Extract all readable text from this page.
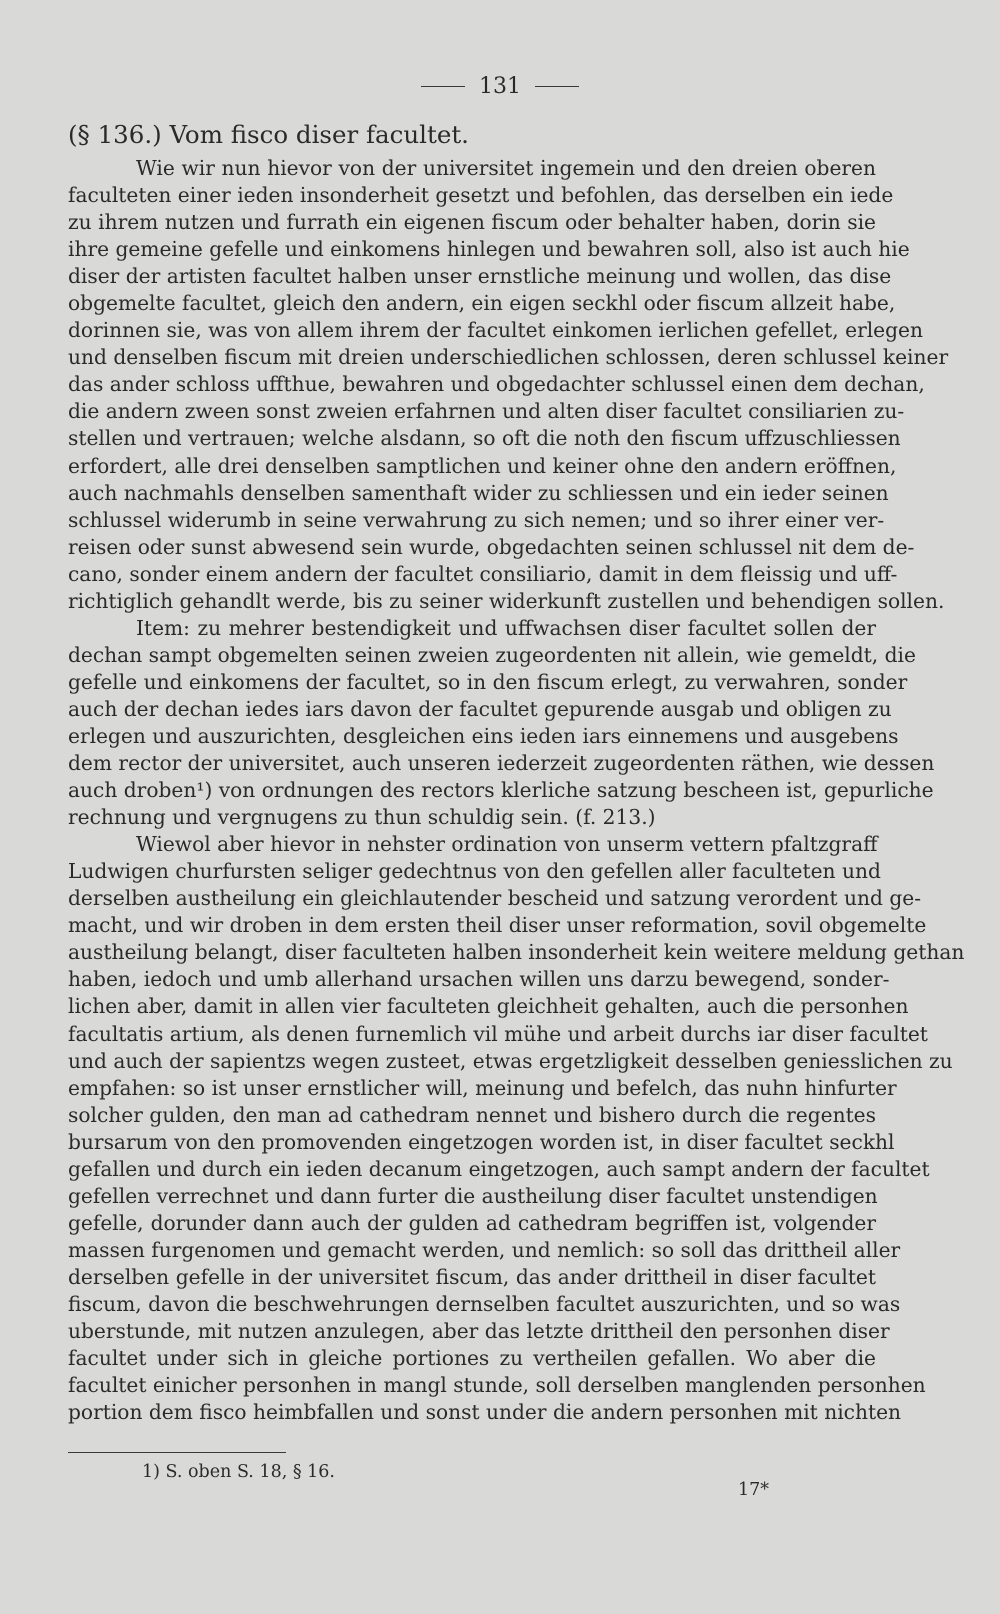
131
(§ 136.) Vom fisco diser facultet.
Wie wir nun hievor von der universitet ingemein und den dreien oberen
faculteten einer ieden insonderheit gesetzt und befohlen, das derselben ein iede
zu ihrem nutzen und furrath ein eigenen fiscum oder behalter haben, dorin sie
ihre gemeine gefelle und einkomens hinlegen und bewahren soll, also ist auch hie
diser der artisten facultet halben unser ernstliche meinung und wollen, das dise
obgemelte facultet, gleich den andern, ein eigen seckhl oder fiscum allzeit habe,
dorinnen sie, was von allem ihrem der facultet einkomen ierlichen gefellet, erlegen
und denselben fiscum mit dreien underschiedlichen schlossen, deren schlussel keiner
das ander schloss uffthue, bewahren und obgedachter schlussel einen dem dechan,
die andern zween sonst zweien erfahrnen und alten diser facultet consiliarien zu-
stellen und vertrauen; welche alsdann, so oft die noth den fiscum uffzuschliessen
erfordert, alle drei denselben samptlichen und keiner ohne den andern eröffnen,
auch nachmahls denselben samenthaft wider zu schliessen und ein ieder seinen
schlussel widerumb in seine verwahrung zu sich nemen; und so ihrer einer ver-
reisen oder sunst abwesend sein wurde, obgedachten seinen schlussel nit dem de-
cano, sonder einem andern der facultet consiliario, damit in dem fleissig und uff-
richtiglich gehandlt werde, bis zu seiner widerkunft zustellen und behendigen sollen.
Item: zu mehrer bestendigkeit und uffwachsen diser facultet sollen der
dechan sampt obgemelten seinen zweien zugeordenten nit allein, wie gemeldt, die
gefelle und einkomens der facultet, so in den fiscum erlegt, zu verwahren, sonder
auch der dechan iedes iars davon der facultet gepurende ausgab und obligen zu
erlegen und auszurichten, desgleichen eins ieden iars einnemens und ausgebens
dem rector der universitet, auch unseren iederzeit zugeordenten räthen, wie dessen
auch droben¹) von ordnungen des rectors klerliche satzung bescheen ist, gepurliche
rechnung und vergnugens zu thun schuldig sein. (f. 213.)
Wiewol aber hievor in nehster ordination von unserm vettern pfaltzgraff
Ludwigen churfursten seliger gedechtnus von den gefellen aller faculteten und
derselben austheilung ein gleichlautender bescheid und satzung verordent und ge-
macht, und wir droben in dem ersten theil diser unser reformation, sovil obgemelte
austheilung belangt, diser faculteten halben insonderheit kein weitere meldung gethan
haben, iedoch und umb allerhand ursachen willen uns darzu bewegend, sonder-
lichen aber, damit in allen vier faculteten gleichheit gehalten, auch die personhen
facultatis artium, als denen furnemlich vil mühe und arbeit durchs iar diser facultet
und auch der sapientzs wegen zusteet, etwas ergetzligkeit desselben geniesslichen zu
empfahen: so ist unser ernstlicher will, meinung und befelch, das nuhn hinfurter
solcher gulden, den man ad cathedram nennet und bishero durch die regentes
bursarum von den promovenden eingetzogen worden ist, in diser facultet seckhl
gefallen und durch ein ieden decanum eingetzogen, auch sampt andern der facultet
gefellen verrechnet und dann furter die austheilung diser facultet unstendigen
gefelle, dorunder dann auch der gulden ad cathedram begriffen ist, volgender
massen furgenomen und gemacht werden, und nemlich: so soll das drittheil aller
derselben gefelle in der universitet fiscum, das ander drittheil in diser facultet
fiscum, davon die beschwehrungen dernselben facultet auszurichten, und so was
uberstunde, mit nutzen anzulegen, aber das letzte drittheil den personhen diser
facultet under sich in gleiche portiones zu vertheilen gefallen. Wo aber die
facultet einicher personhen in mangl stunde, soll derselben manglenden personhen
portion dem fisco heimbfallen und sonst under die andern personhen mit nichten
1) S. oben S. 18, § 16.
17*
